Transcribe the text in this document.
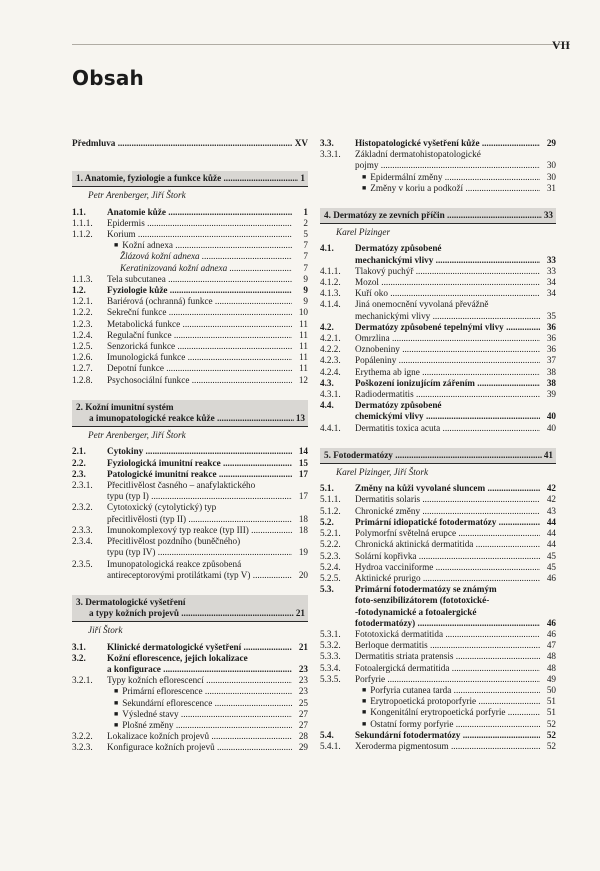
VII
Obsah
Předmluva .....	XV
1. Anatomie, fyziologie a funkce kůže .....	1
Petr Arenberger, Jiří Štork
1.1. Anatomie kůže .....	1
1.1.1. Epidermis .....	2
1.1.2. Korium .....	5
■ Kožní adnexa .....	7
Žlázová kožní adnexa .....	7
Keratinizovaná kožní adnexa .....	7
1.1.3. Tela subcutanea .....	9
1.2. Fyziologie kůže .....	9
1.2.1. Bariérová (ochranná) funkce .....	9
1.2.2. Sekreční funkce .....	10
1.2.3. Metabolická funkce .....	11
1.2.4. Regulační funkce .....	11
1.2.5. Senzorická funkce .....	11
1.2.6. Imunologická funkce .....	11
1.2.7. Depotní funkce .....	11
1.2.8. Psychosociální funkce .....	12
2. Kožní imunitní systém
a imunopatologické reakce kůže .....	13
Petr Arenberger, Jiří Štork
2.1. Cytokiny .....	14
2.2. Fyziologická imunitní reakce .....	15
2.3. Patologické imunitní reakce .....	17
2.3.1. Přecitlivělost časného – anafylaktického
typu (typ I) .....	17
2.3.2. Cytotoxický (cytolytický) typ
přecitlivělosti (typ II) .....	18
2.3.3. Imunokomplexový typ reakce (typ III) .....	18
2.3.4. Přecitlivělost pozdního (buněčného)
typu (typ IV) .....	19
2.3.5. Imunopatologická reakce způsobená
antireceptorovými protilátkami (typ V) .....	20
3. Dermatologické vyšetření
a typy kožních projevů .....	21
Jiří Štork
3.1. Klinické dermatologické vyšetření .....	21
3.2. Kožní eflorescence, jejich lokalizace
a konfigurace .....	23
3.2.1. Typy kožních eflorescencí .....	23
■ Primární eflorescence .....	23
■ Sekundární eflorescence .....	25
■ Výsledné stavy .....	27
■ Plošné změny .....	27
3.2.2. Lokalizace kožních projevů .....	28
3.2.3. Konfigurace kožních projevů .....	29
3.3. Histopatologické vyšetření kůže .....	29
3.3.1. Základní dermatohistopatologické
pojmy .....	30
■ Epidermální změny .....	30
■ Změny v koriu a podkoží .....	31
4. Dermatózy ze zevních příčin .....	33
Karel Pizinger
4.1. Dermatózy způsobené
mechanickými vlivy .....	33
4.1.1. Tlakový puchýř .....	33
4.1.2. Mozol .....	34
4.1.3. Kuří oko .....	34
4.1.4. Jiná onemocnění vyvolaná převážně
mechanickými vlivy .....	35
4.2. Dermatózy způsobené tepelnými vlivy .....	36
4.2.1. Omrzlina .....	36
4.2.2. Oznobeniny .....	36
4.2.3. Popáleniny .....	37
4.2.4. Erythema ab igne .....	38
4.3. Poškození ionizujícím zářením .....	38
4.3.1. Radiodermatitis .....	39
4.4. Dermatózy způsobené
chemickými vlivy .....	40
4.4.1. Dermatitis toxica acuta .....	40
5. Fotodermatózy .....	41
Karel Pizinger, Jiří Štork
5.1. Změny na kůži vyvolané sluncem .....	42
5.1.1. Dermatitis solaris .....	42
5.1.2. Chronické změny .....	43
5.2. Primární idiopatické fotodermatózy .....	44
5.2.1. Polymorfní světelná erupce .....	44
5.2.2. Chronická aktinická dermatitida .....	44
5.2.3. Solární kopřivka .....	45
5.2.4. Hydroa vacciniforme .....	45
5.2.5. Aktinické prurigo .....	46
5.3. Primární fotodermatózy se známým
foto-senzibilizátorem (fototoxické-
-fotodynamické a fotoalergické
fotodermatózy) .....	46
5.3.1. Fototoxická dermatitida .....	46
5.3.2. Berloque dermatitis .....	47
5.3.3. Dermatitis striata pratensis .....	48
5.3.4. Fotoalergická dermatitida .....	48
5.3.5. Porfyrie .....	49
■ Porfyria cutanea tarda .....	50
■ Erytropoetická protoporfyrie .....	51
■ Kongenitální erytropoetická porfyrie .....	51
■ Ostatní formy porfyrie .....	52
5.4. Sekundární fotodermatózy .....	52
5.4.1. Xeroderma pigmentosum .....	52
